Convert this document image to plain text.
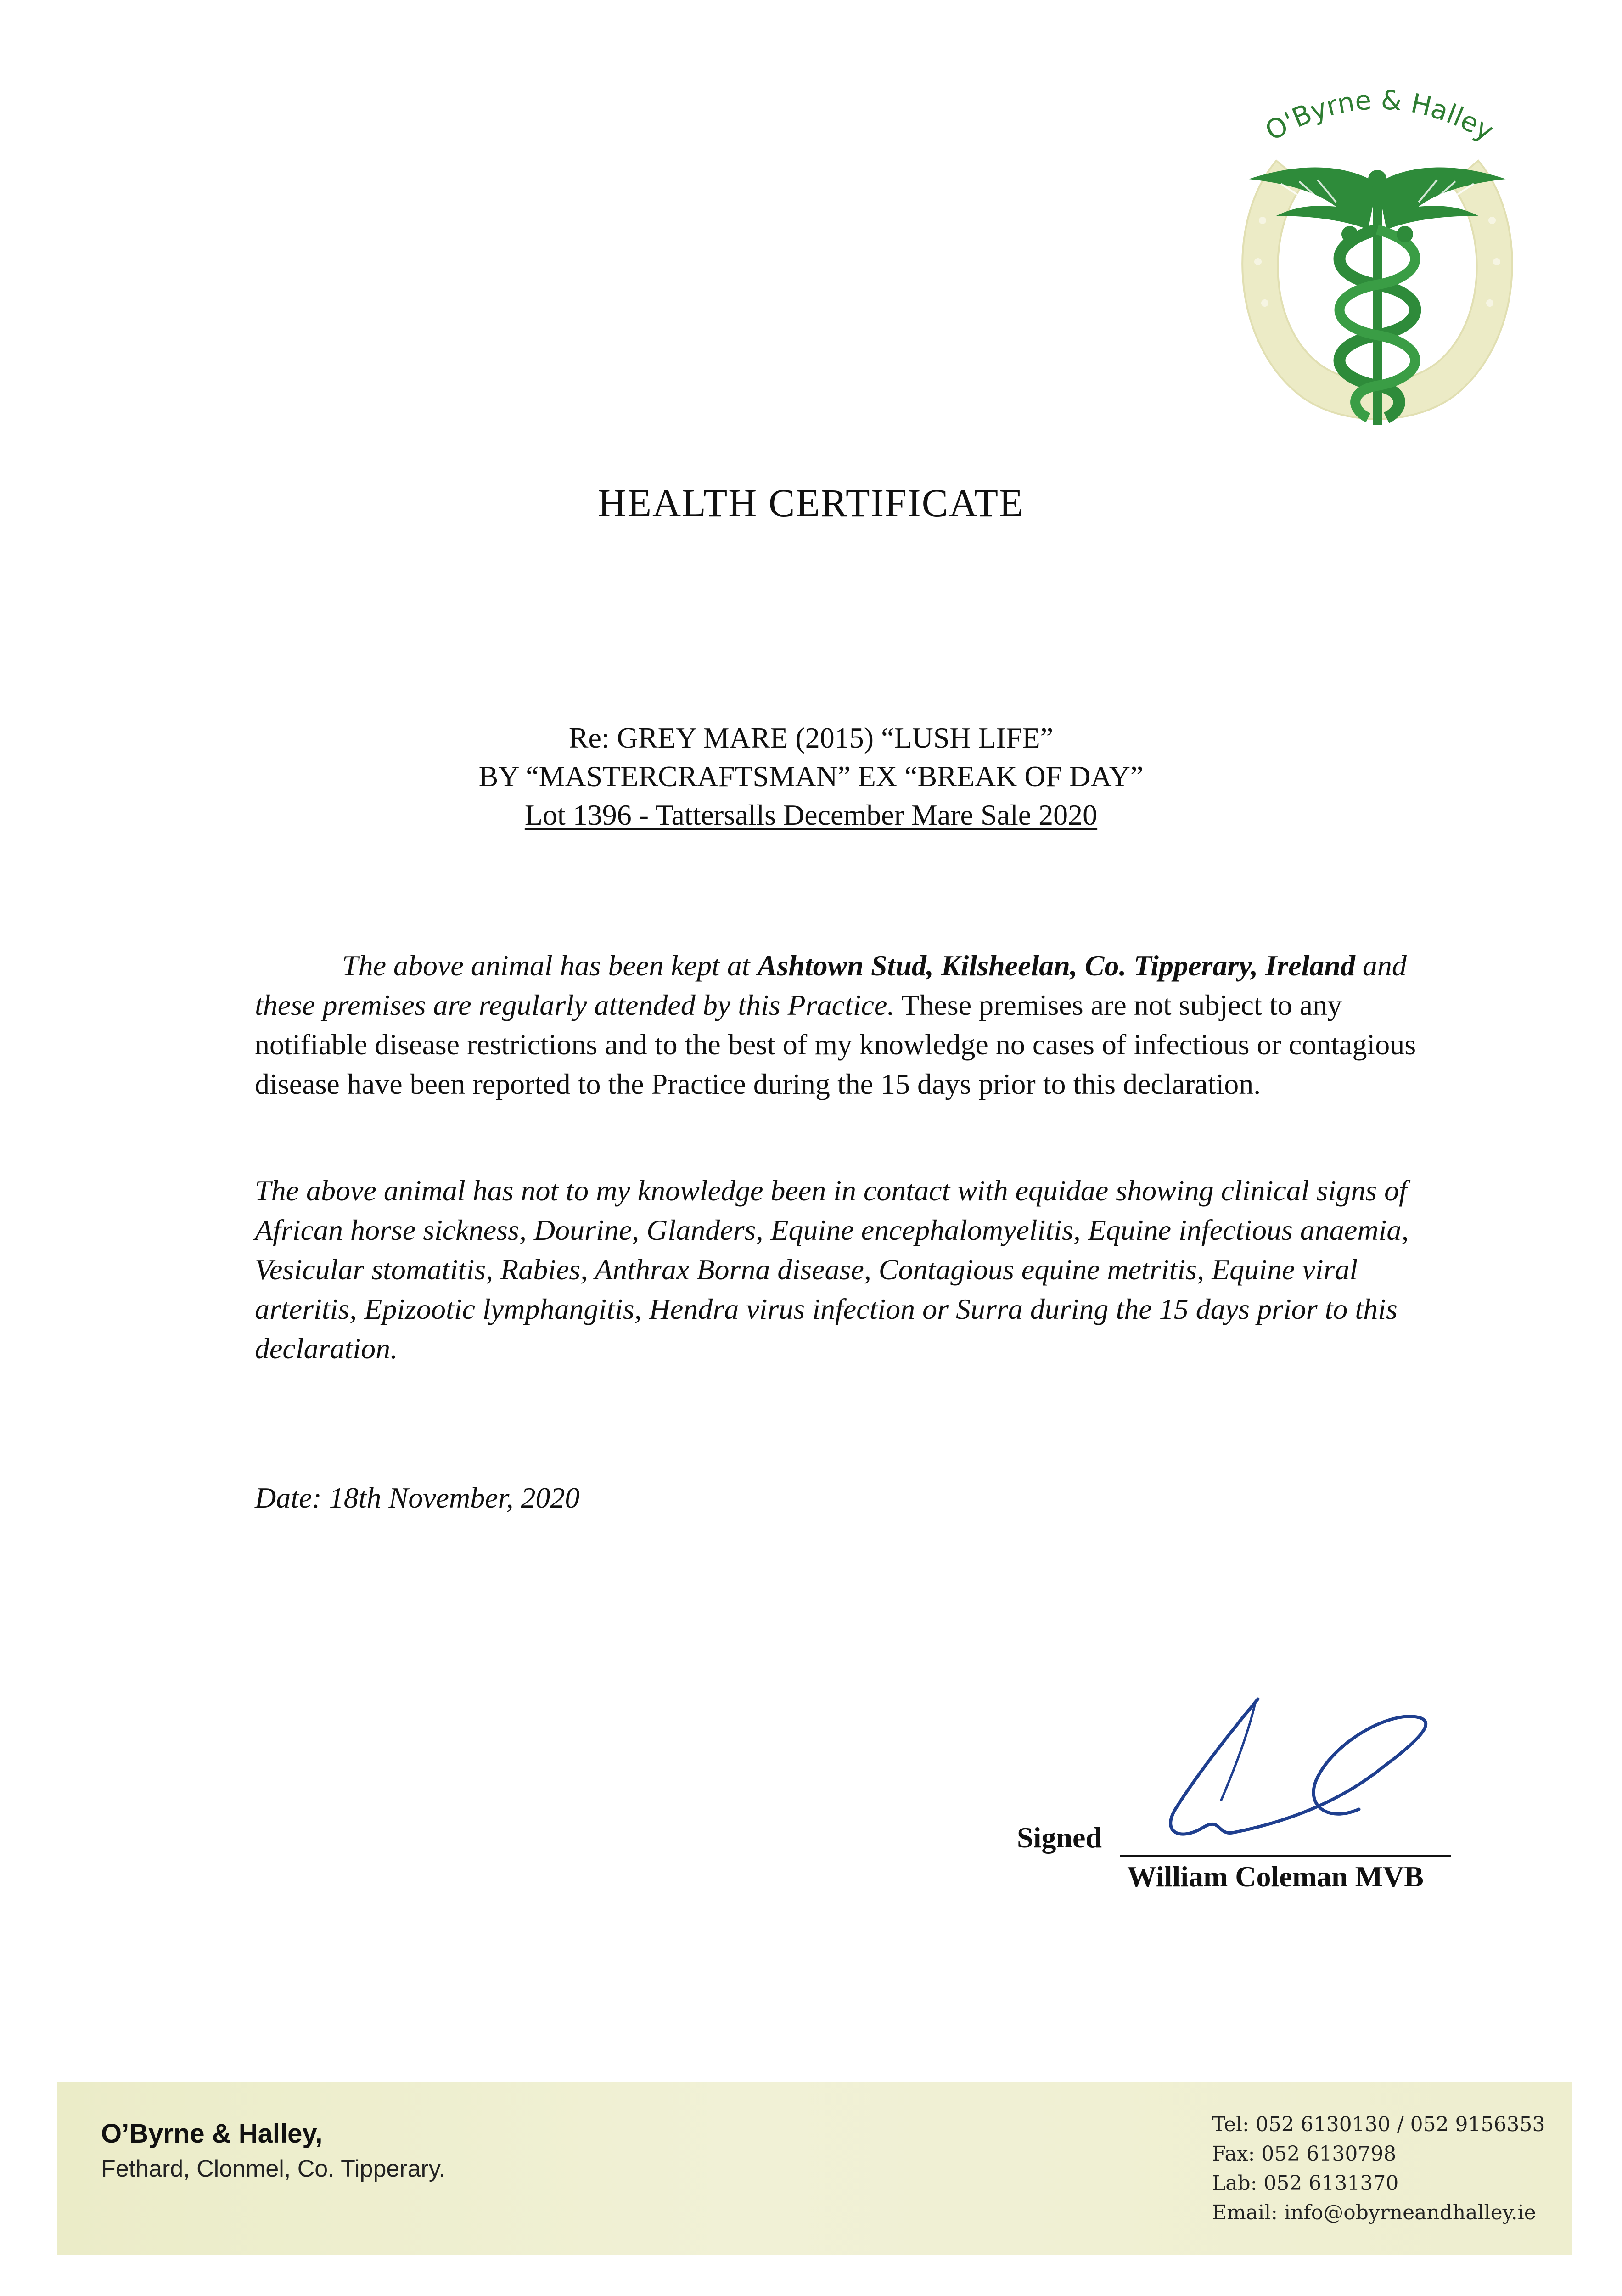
O'Byrne & Halley
HEALTH CERTIFICATE
Re: GREY MARE (2015) “LUSH LIFE”
BY “MASTERCRAFTSMAN” EX “BREAK OF DAY”
Lot 1396 - Tattersalls December Mare Sale 2020
The above animal has been kept at Ashtown Stud, Kilsheelan, Co. Tipperary, Ireland and these premises are regularly attended by this Practice. These premises are not subject to any notifiable disease restrictions and to the best of my knowledge no cases of infectious or contagious disease have been reported to the Practice during the 15 days prior to this declaration.
The above animal has not to my knowledge been in contact with equidae showing clinical signs of African horse sickness, Dourine, Glanders, Equine encephalomyelitis, Equine infectious anaemia, Vesicular stomatitis, Rabies, Anthrax Borna disease, Contagious equine metritis, Equine viral arteritis, Epizootic lymphangitis, Hendra virus infection or Surra during the 15 days prior to this declaration.
Date: 18th November, 2020
Signed
William Coleman MVB
O’Byrne & Halley,
Fethard, Clonmel, Co. Tipperary.
Tel: 052 6130130 / 052 9156353
Fax: 052 6130798
Lab: 052 6131370
Email: info@obyrneandhalley.ie
